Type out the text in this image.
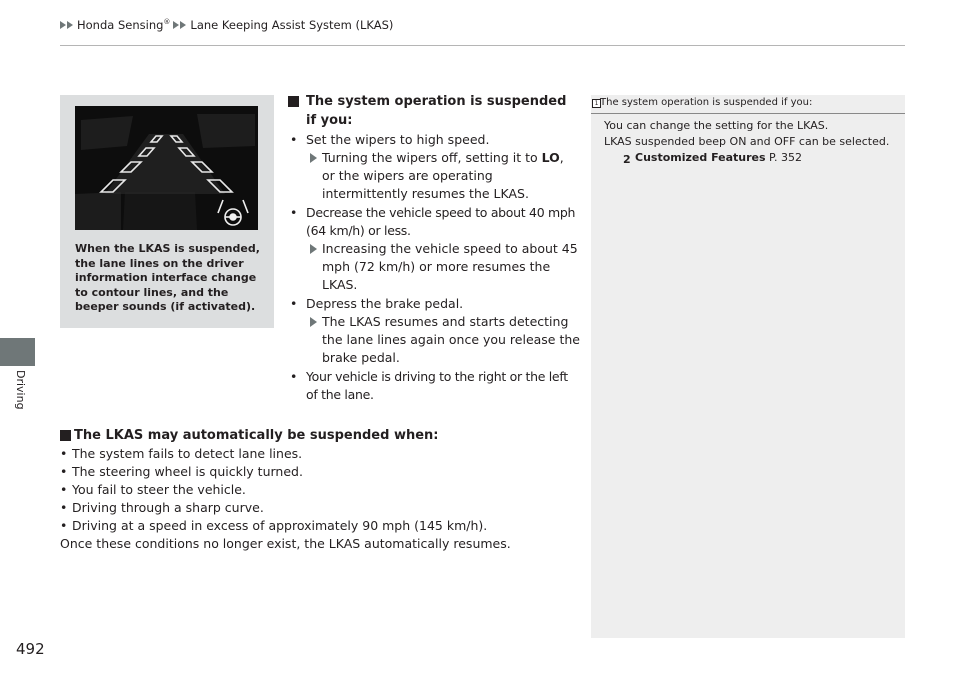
Honda Sensing® Lane Keeping Assist System (LKAS)
Driving
492
When the LKAS is suspended, the lane lines on the driver information interface change to contour lines, and the beeper sounds (if activated).
The system operation is suspended if you:
• Set the wipers to high speed.
Turning the wipers off, setting it to LO, or the wipers are operating intermittently resumes the LKAS.
• Decrease the vehicle speed to about 40 mph (64 km/h) or less.
Increasing the vehicle speed to about 45 mph (72 km/h) or more resumes the LKAS.
• Depress the brake pedal.
The LKAS resumes and starts detecting the lane lines again once you release the brake pedal.
• Your vehicle is driving to the right or the left of the lane.
The LKAS may automatically be suspended when:
• The system fails to detect lane lines.
• The steering wheel is quickly turned.
• You fail to steer the vehicle.
• Driving through a sharp curve.
• Driving at a speed in excess of approximately 90 mph (145 km/h).
Once these conditions no longer exist, the LKAS automatically resumes.
1 The system operation is suspended if you:
You can change the setting for the LKAS.
LKAS suspended beep ON and OFF can be selected.
2 Customized Features P. 352
